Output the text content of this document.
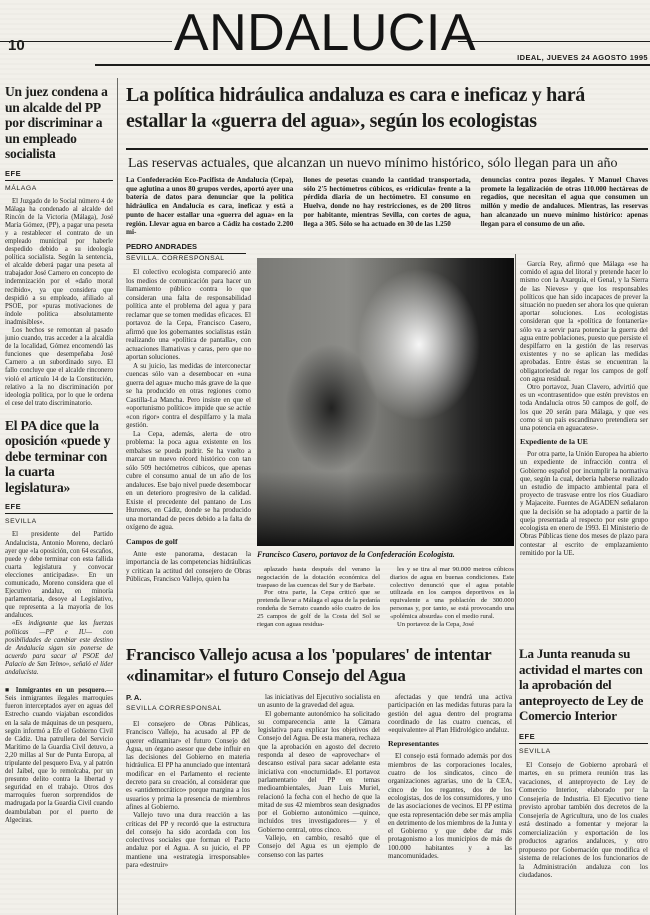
ANDALUCIA
10
IDEAL, JUEVES 24 AGOSTO 1995

Un juez condena a un alcalde del PP por discriminar a un empleado socialista

EFE
MÁLAGA

El Juzgado de lo Social número 4 de Málaga ha condenado al alcalde del Rincón de la Victoria (Málaga), José María Gómez, (PP), a pagar una peseta y a restablecer el contrato de un empleado municipal por haberle despedido debido a su ideología política socialista. Según la sentencia, el alcalde deberá pagar una peseta al trabajador José Carnero en concepto de indemnización por el «daño moral recibido», ya que considera que despidió a su empleado, afiliado al PSOE, por «puras motivaciones de índole política absolutamente inadmisibles».

Los hechos se remontan al pasado junio cuando, tras acceder a la alcaldía de la localidad, Gómez encomendó las funciones que desempeñaba José Carnero a un subordinado suyo. El fallo concluye que el alcalde rinconero violó el artículo 14 de la Constitución, relativo a la no discriminación por ideología política, por lo que le ordena el cese del trato discriminatorio.

El PA dice que la oposición «puede y debe terminar con la cuarta legislatura»

EFE
SEVILLA

El presidente del Partido Andalucista, Antonio Moreno, declaró ayer que «la oposición, con 64 escaños, puede y debe terminar con esta fallida cuarta legislatura y convocar elecciones anticipadas». En un comunicado, Moreno considera que el Ejecutivo andaluz, en minoría parlamentaria, desoye al Legislativo, que representa a la mayoría de los andaluces.

«Es indignante que las fuerzas políticas —PP e IU— con posibilidades de cambiar este destino de Andalucía sigan sin ponerse de acuerdo para sacar al PSOE del Palacio de San Telmo», señaló el líder andalucista.

■ Inmigrantes en un pesquero.— Seis inmigrantes ilegales marroquíes fueron interceptados ayer en aguas del Estrecho cuando viajaban escondidos en la sala de máquinas de un pesquero, según informó a Efe el Gobierno Civil de Cádiz. Una patrullera del Servicio Marítimo de la Guardia Civil detuvo, a 2,20 millas al Sur de Punta Europa, al tripulante del pesquero Eva, y al patrón del Jaibel, que lo remolcaba, por un presunto delito contra la libertad y seguridad en el trabajo. Otros dos marroquíes fueron sorprendidos de madrugada por la Guardia Civil cuando deambulaban por el puerto de Algeciras.

La política hidráulica andaluza es cara e ineficaz y hará estallar la «guerra del agua», según los ecologistas

Las reservas actuales, que alcanzan un nuevo mínimo histórico, sólo llegan para un año

La Confederación Eco-Pacifista de Andalucía (Cepa), que aglutina a unos 80 grupos verdes, aportó ayer una batería de datos para denunciar que la política hidráulica en Andalucía es cara, ineficaz y está a punto de hacer estallar una «guerra del agua» en la región. Llevar agua en barco a Cádiz ha costado 2.200 mi-
llones de pesetas cuando la cantidad transportada, sólo 2'5 hectómetros cúbicos, es «ridícula» frente a la pérdida diaria de un hectómetro. El consumo en Huelva, donde no hay restricciones, es de 200 litros por habitante, mientras Sevilla, con cortes de agua, llega a 305. Sólo se ha actuado en 30 de las 1.250
denuncias contra pozos ilegales. Y Manuel Chaves promete la legalización de otras 110.000 hectáreas de regadíos, que necesitan el agua que consumen un millón y medio de andaluces. Mientras, las reservas han alcanzado un nuevo mínimo histórico: apenas llegan para el consumo de un año.
PEDRO ANDRADES
SEVILLA. CORRESPONSAL

El colectivo ecologista compareció ante los medios de comunicación para hacer un llamamiento público contra lo que consideran una falta de responsabilidad política ante el problema del agua y para reclamar que se tomen medidas eficaces. El portavoz de la Cepa, Francisco Casero, afirmó que los gobernantes socialistas están realizando una «política de pantalla», con actuaciones llamativas y caras, pero que no aportan soluciones.

A su juicio, las medidas de interconectar cuencas sólo van a desembocar en «una guerra del agua» mucho más grave de la que se ha producido en otras regiones como Castilla-La Mancha. Pero insiste en que el «oportunismo político» impide que se actúe «con rigor» contra el despilfarro y la mala gestión.

La Cepa, además, alerta de otro problema: la poca agua existente en los embalses se pueda pudrir. Se ha vuelto a marcar un nuevo récord histórico con tan sólo 509 hectómetros cúbicos, que apenas cubre el consumo anual de un año de los andaluces. Ese bajo nivel puede desembocar en un deterioro progresivo de la calidad. Existe el precedente del pantano de Los Hurones, en Cádiz, donde se ha producido una mortandad de peces debido a la falta de oxígeno de agua.

Campos de golf

Ante este panorama, destacan la importancia de las competencias hidráulicas y critican la actitud del consejero de Obras Públicas, Francisco Vallejo, quien ha

Francisco Casero, portavoz de la Confederación Ecologista.

aplazado hasta después del verano la negociación de la dotación económica del traspaso de las cuencas del Sur y de Barbate.

Por otra parte, la Cepa criticó que se pretenda llevar a Málaga el agua de la pedanía rondeña de Serrato cuando sólo cuatro de los 25 campos de golf de la Costa del Sol se riegan con aguas residua-

les y se tira al mar 90.000 metros cúbicos diarios de agua en buenas condiciones. Este colectivo denunció que el agua potable utilizada en los campos deportivos es la equivalente a una población de 300.000 personas y, por tanto, se está provocando una «polémica absurda» con el medio rural.

Un portavoz de la Cepa, José

García Rey, afirmó que Málaga «se ha comido el agua del litoral y pretende hacer lo mismo con la Axarquía, el Genal, y la Sierra de las Nieves» y que los responsables políticos que han sido incapaces de prever la situación no pueden ser ahora los que quieran aportar soluciones. Los ecologistas consideran que la «política de fontanería» sólo va a servir para potenciar la guerra del agua entre poblaciones, puesto que persiste el despilfarro en la gestión de las reservas existentes y no se aplican las medidas aprobadas. Entre éstas se encuentran la obligatoriedad de regar los campos de golf con agua residual.

Otro portavoz, Juan Clavero, advirtió que es un «contrasentido» que estén previstos en toda Andalucía otros 50 campos de golf, de los que 20 serán para Málaga, y que «es como si un país escandinavo pretendiera ser una potencia en aguacates».

Expediente de la UE

Por otra parte, la Unión Europea ha abierto un expediente de infracción contra el Gobierno español por incumplir la normativa que, según la cual, debería haberse realizado un estudio de impacto ambiental para el proyecto de trasvase entre los ríos Guadiaro y Majaceite. Fuentes de AGADEN señalaron que la decisión se ha adoptado a partir de la queja presentada al respecto por este grupo ecologista en enero de 1993. El Ministerio de Obras Públicas tiene dos meses de plazo para contestar al escrito de emplazamiento remitido por la UE.

Francisco Vallejo acusa a los 'populares' de intentar «dinamitar» el futuro Consejo del Agua

P. A.
SEVILLA CORRESPONSAL

El consejero de Obras Públicas, Francisco Vallejo, ha acusado al PP de querer «dinamitar» el futuro Consejo del Agua, un órgano asesor que debe influir en las decisiones del Gobierno en materia hidráulica. El PP ha anunciado que intentará modificar en el Parlamento el reciente decreto para su creación, al considerar que es «antidemocrático» porque margina a los usuarios y prima la presencia de miembros afines al Gobierno.

Vallejo tuvo una dura reacción a las críticas del PP y recordó que la estructura del consejo ha sido acordada con los colectivos sociales que forman el Pacto andaluz por el Agua. A su juicio, el PP mantiene una «estrategia irresponsable» para «destruir»

las iniciativas del Ejecutivo socialista en un asunto de la gravedad del agua.

El gobernante autonómico ha solicitado su comparecencia ante la Cámara legislativa para explicar los objetivos del Consejo del Agua. De esta manera, rechaza que la aprobación en agosto del decreto responda al deseo de «aprovechar» el descanso estival para sacar adelante esta iniciativa con «nocturnidad». El portavoz parlamentario del PP en temas medioambientales, Juan Luis Muriel, relacionó la fecha con el hecho de que la mitad de sus 42 miembros sean designados por el Gobierno autonómico —quince, incluidos tres investigadores— y el Gobierno central, otros cinco.

Vallejo, en cambio, resaltó que el Consejo del Agua es un ejemplo de consenso con las partes

afectadas y que tendrá una activa participación en las medidas futuras para la gestión del agua dentro del programa coordinado de las cuatro cuencas, el «equivalente» al Plan Hidrológico andaluz.

Representantes

El consejo está formado además por dos miembros de las corporaciones locales, cuatro de los sindicatos, cinco de organizaciones agrarias, uno de la CEA, cinco de los regantes, dos de los ecologistas, dos de los consumidores, y uno de las asociaciones de vecinos. El PP estima que esta representación debe ser más amplia en detrimento de los miembros de la Junta y el Gobierno y que debe dar más protagonismo a los municipios de más de 100.000 habitantes y a las mancomunidades.

La Junta reanuda su actividad el martes con la aprobación del anteproyecto de Ley de Comercio Interior

EFE
SEVILLA

El Consejo de Gobierno aprobará el martes, en su primera reunión tras las vacaciones, el anteproyecto de Ley de Comercio Interior, elaborado por la Consejería de Industria. El Ejecutivo tiene previsto aprobar también dos decretos de la Consejería de Agricultura, uno de los cuales está destinado a fomentar y mejorar la comercialización y exportación de los productos agrarios andaluces, y otro propuesto por Gobernación que modifica el sistema de relaciones de los funcionarios de la Administración andaluza con los ciudadanos.
